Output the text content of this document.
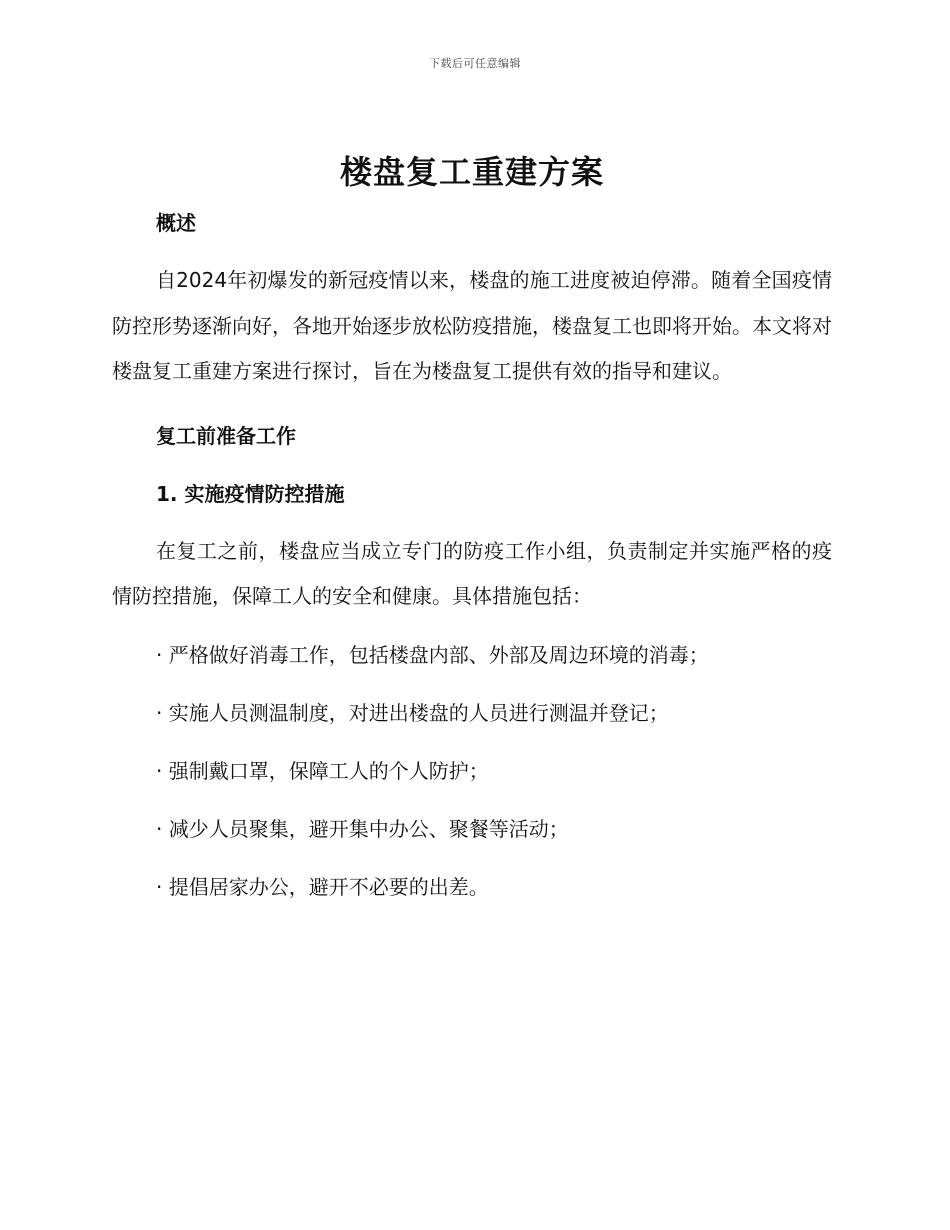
下载后可任意编辑
楼盘复工重建方案
概述

自2024年初爆发的新冠疫情以来，楼盘的施工进度被迫停滞。随着全国疫情防控形势逐渐向好，各地开始逐步放松防疫措施，楼盘复工也即将开始。本文将对楼盘复工重建方案进行探讨，旨在为楼盘复工提供有效的指导和建议。

复工前准备工作
1. 实施疫情防控措施

在复工之前，楼盘应当成立专门的防疫工作小组，负责制定并实施严格的疫情防控措施，保障工人的安全和健康。具体措施包括：

· 严格做好消毒工作，包括楼盘内部、外部及周边环境的消毒；
· 实施人员测温制度，对进出楼盘的人员进行测温并登记；
· 强制戴口罩，保障工人的个人防护；
· 减少人员聚集，避开集中办公、聚餐等活动；
· 提倡居家办公，避开不必要的出差。
